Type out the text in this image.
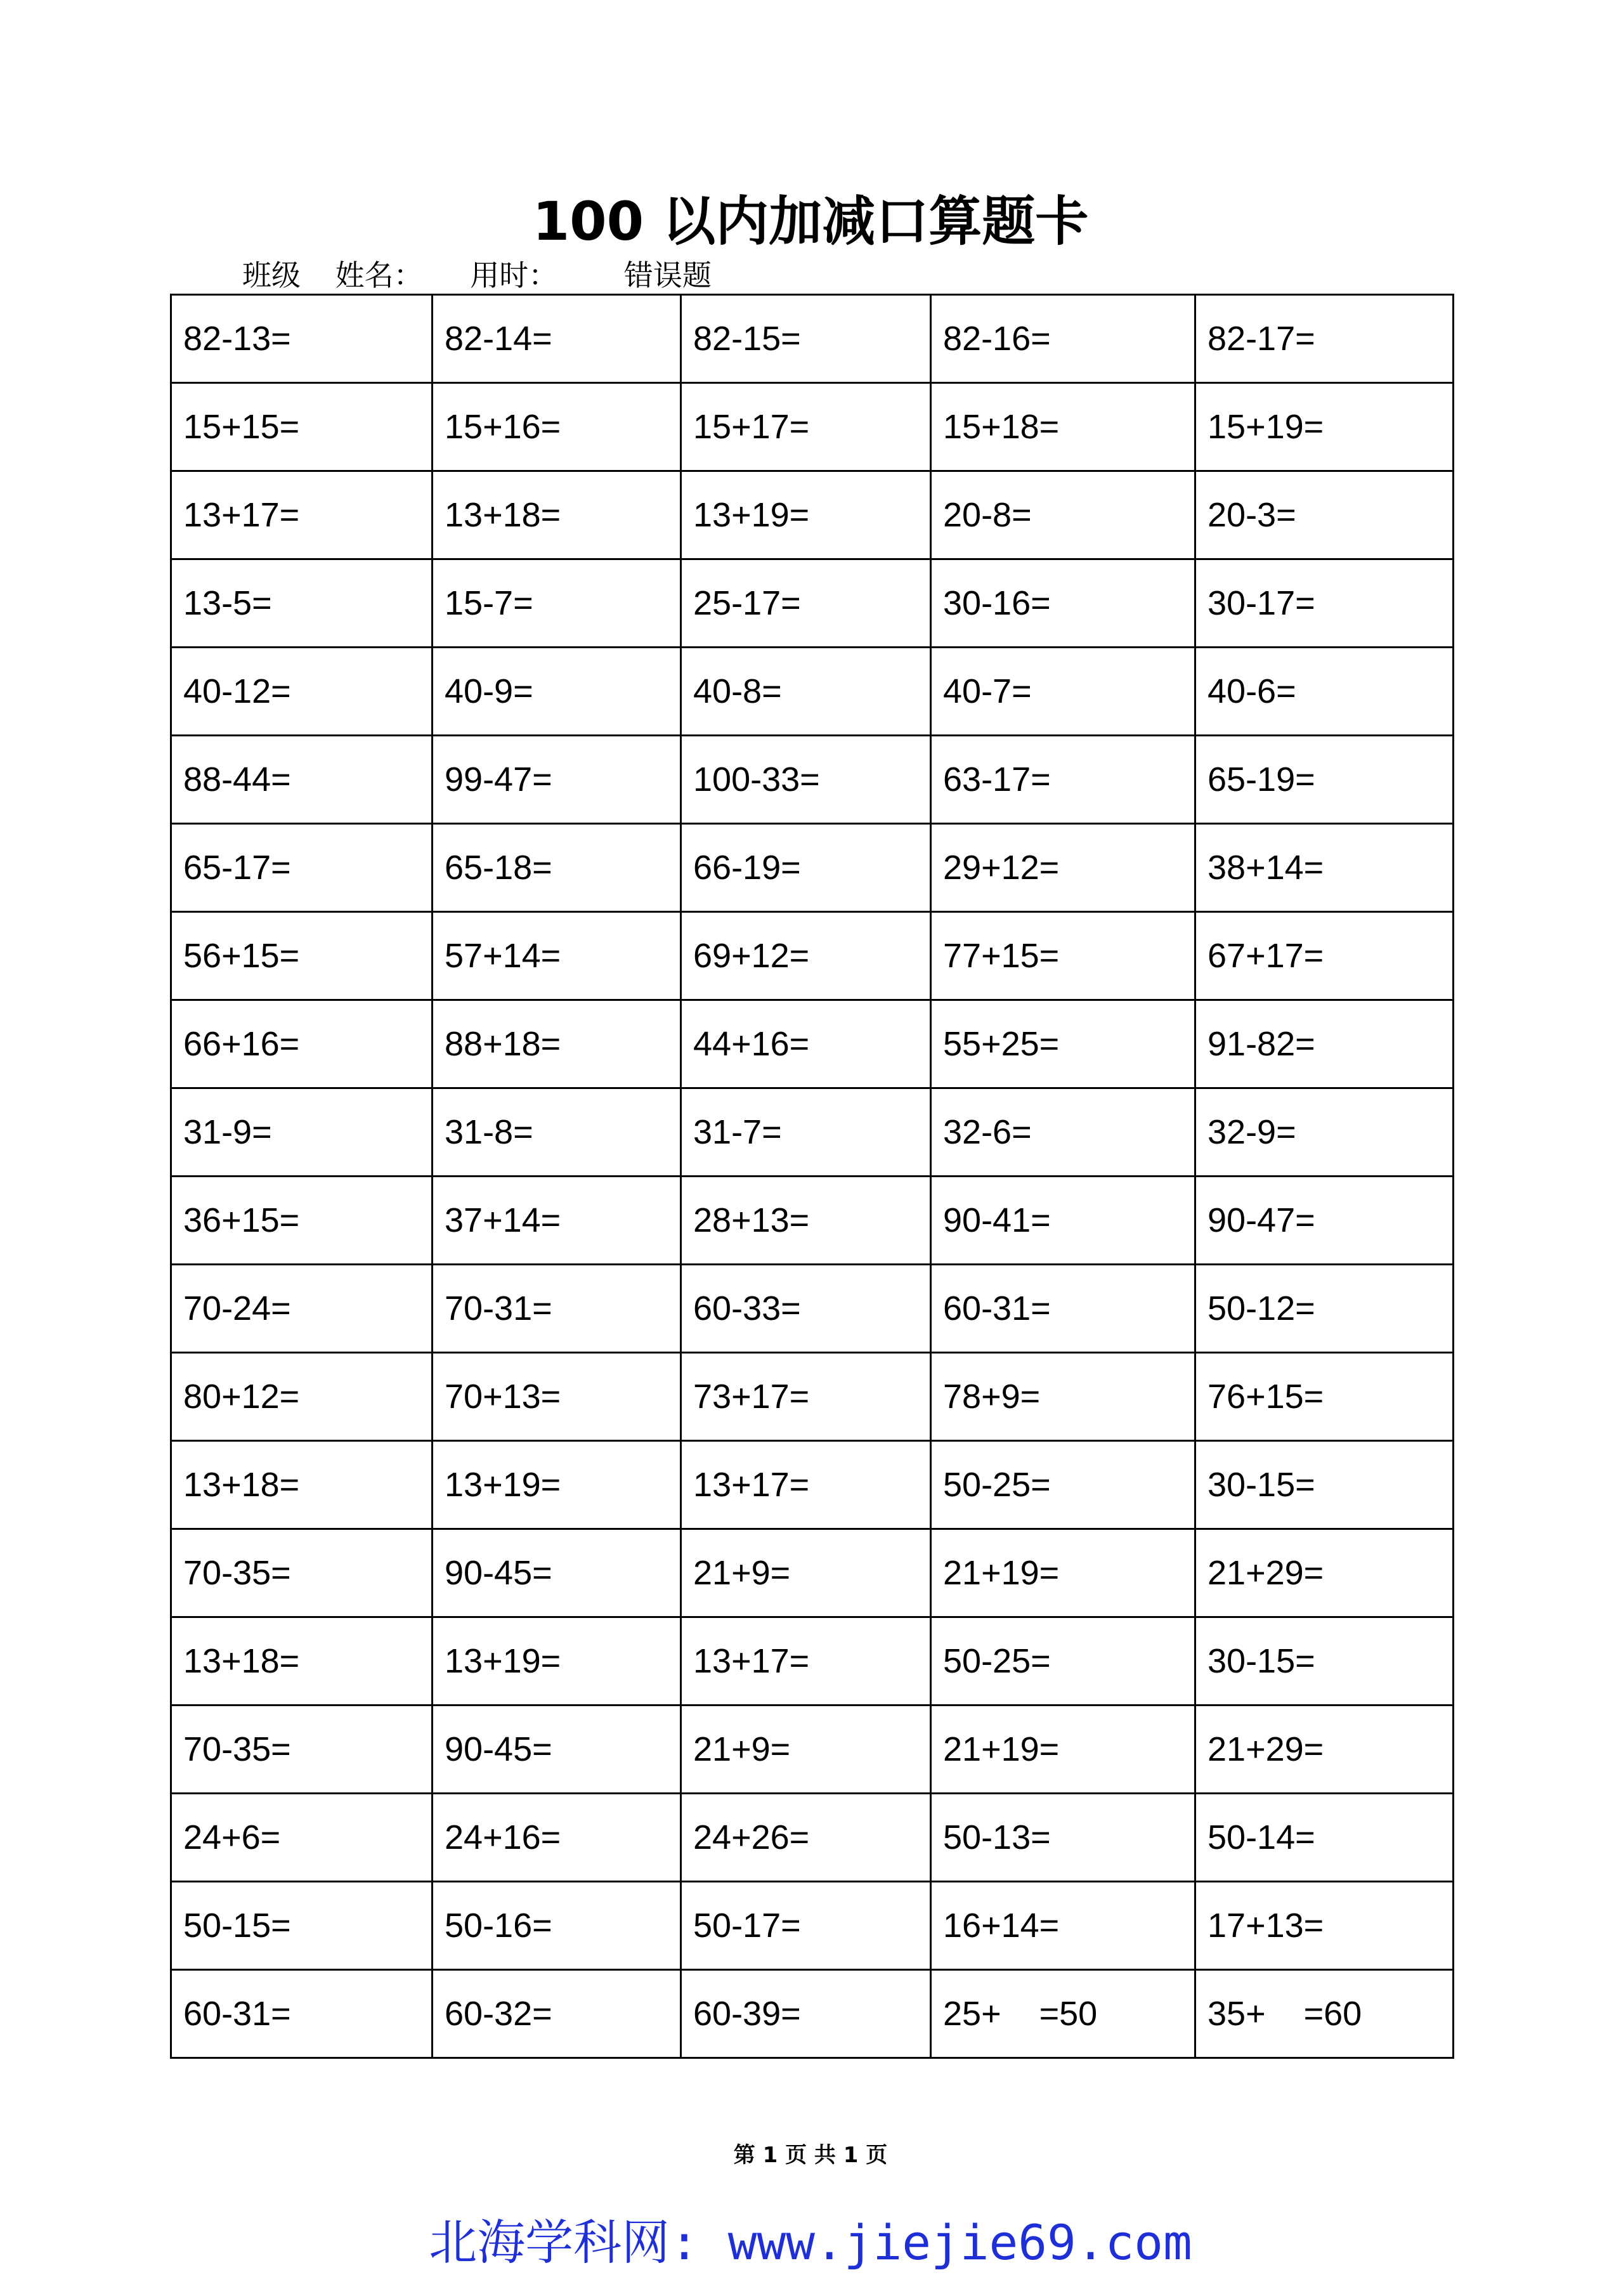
100 以内加减口算题卡
班级 姓名： 用时： 错误题
82-13=	82-14=	82-15=	82-16=	82-17=
15+15=	15+16=	15+17=	15+18=	15+19=
13+17=	13+18=	13+19=	20-8=	20-3=
13-5=	15-7=	25-17=	30-16=	30-17=
40-12=	40-9=	40-8=	40-7=	40-6=
88-44=	99-47=	100-33=	63-17=	65-19=
65-17=	65-18=	66-19=	29+12=	38+14=
56+15=	57+14=	69+12=	77+15=	67+17=
66+16=	88+18=	44+16=	55+25=	91-82=
31-9=	31-8=	31-7=	32-6=	32-9=
36+15=	37+14=	28+13=	90-41=	90-47=
70-24=	70-31=	60-33=	60-31=	50-12=
80+12=	70+13=	73+17=	78+9=	76+15=
13+18=	13+19=	13+17=	50-25=	30-15=
70-35=	90-45=	21+9=	21+19=	21+29=
13+18=	13+19=	13+17=	50-25=	30-15=
70-35=	90-45=	21+9=	21+19=	21+29=
24+6=	24+16=	24+26=	50-13=	50-14=
50-15=	50-16=	50-17=	16+14=	17+13=
60-31=	60-32=	60-39=	25+    =50	35+    =60
第 1 页 共 1 页
北海学科网: www.jiejie69.com
